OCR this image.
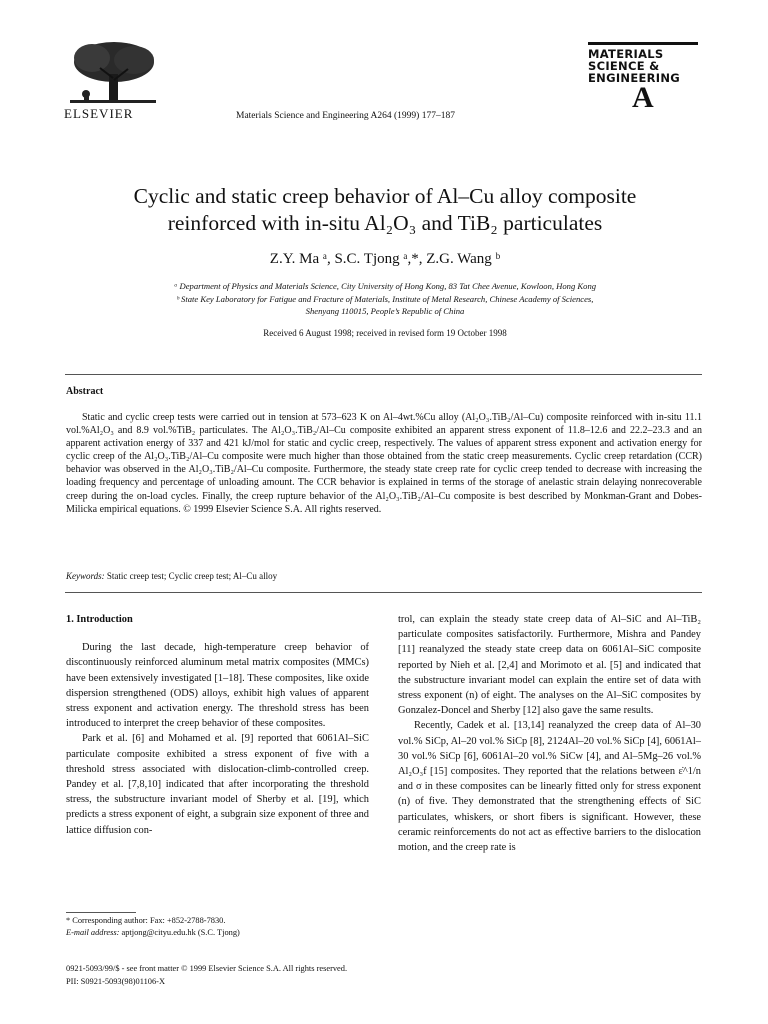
ELSEVIER	Materials Science and Engineering A264 (1999) 177–187
MATERIALS
SCIENCE &
ENGINEERING
A
Cyclic and static creep behavior of Al–Cu alloy composite
reinforced with in-situ Al₂O₃ and TiB₂ particulates
Z.Y. Ma ᵃ, S.C. Tjong ᵃ,*, Z.G. Wang ᵇ
ᵃ Department of Physics and Materials Science, City University of Hong Kong, 83 Tat Chee Avenue, Kowloon, Hong Kong
ᵇ State Key Laboratory for Fatigue and Fracture of Materials, Institute of Metal Research, Chinese Academy of Sciences,
Shenyang 110015, People’s Republic of China
Received 6 August 1998; received in revised form 19 October 1998
Abstract
Static and cyclic creep tests were carried out in tension at 573–623 K on Al–4wt.%Cu alloy (Al₂O₃.TiB₂/Al–Cu) composite reinforced with in-situ 11.1 vol.%Al₂O₃ and 8.9 vol.%TiB₂ particulates. The Al₂O₃.TiB₂/Al–Cu composite exhibited an apparent stress exponent of 11.8–12.6 and 22.2–23.3 and an apparent activation energy of 337 and 421 kJ/mol for static and cyclic creep, respectively. The values of apparent stress exponent and activation energy for cyclic creep of the Al₂O₃.TiB₂/Al–Cu composite were much higher than those obtained from the static creep measurements. Cyclic creep retardation (CCR) behavior was observed in the Al₂O₃.TiB₂/Al–Cu composite. Furthermore, the steady state creep rate for cyclic creep tended to decrease with increasing the loading frequency and percentage of unloading amount. The CCR behavior is explained in terms of the storage of anelastic strain delaying nonrecoverable creep during the on-load cycles. Finally, the creep rupture behavior of the Al₂O₃.TiB₂/Al–Cu composite is best described by Monkman-Grant and Dobes-Milicka empirical equations. © 1999 Elsevier Science S.A. All rights reserved.
Keywords: Static creep test; Cyclic creep test; Al–Cu alloy
1. Introduction

During the last decade, high-temperature creep behavior of discontinuously reinforced aluminum metal matrix composites (MMCs) have been extensively investigated [1–18]. These composites, like oxide dispersion strengthened (ODS) alloys, exhibit high values of apparent stress exponent and activation energy. The threshold stress has been introduced to interpret the creep behavior of these composites.

Park et al. [6] and Mohamed et al. [9] reported that 6061Al–SiC particulate composite exhibited a stress exponent of five with a threshold stress associated with dislocation-climb-controlled creep. Pandey et al. [7,8,10] indicated that after incorporating the threshold stress, the substructure invariant model of Sherby et al. [19], which predicts a stress exponent of eight, a subgrain size exponent of three and lattice diffusion con-

trol, can explain the steady state creep data of Al–SiC and Al–TiB₂ particulate composites satisfactorily. Furthermore, Mishra and Pandey [11] reanalyzed the steady state creep data on 6061Al–SiC composite reported by Nieh et al. [2,4] and Morimoto et al. [5] and indicated that the substructure invariant model can explain the entire set of data with stress exponent (n) of eight. The analyses on the Al–SiC composites by Gonzalez-Doncel and Sherby [12] also gave the same results.

Recently, Cadek et al. [13,14] reanalyzed the creep data of Al–30 vol.% SiCp, Al–20 vol.% SiCp [8], 2124Al–20 vol.% SiCp [4], 6061Al–30 vol.% SiCp [6], 6061Al–20 vol.% SiCw [4], and Al–5Mg–26 vol.% Al₂O₃f [15] composites. They reported that the relations between ε̇^1/n and σ in these composites can be linearly fitted only for stress exponent (n) of five. They demonstrated that the strengthening effects of SiC particulates, whiskers, or short fibers is significant. However, these ceramic reinforcements do not act as effective barriers to the dislocation motion, and the creep rate is

* Corresponding author: Fax: +852-2788-7830.
E-mail address: aptjong@cityu.edu.hk (S.C. Tjong)
0921-5093/99/$ - see front matter © 1999 Elsevier Science S.A. All rights reserved.
PII: S0921-5093(98)01106-X
